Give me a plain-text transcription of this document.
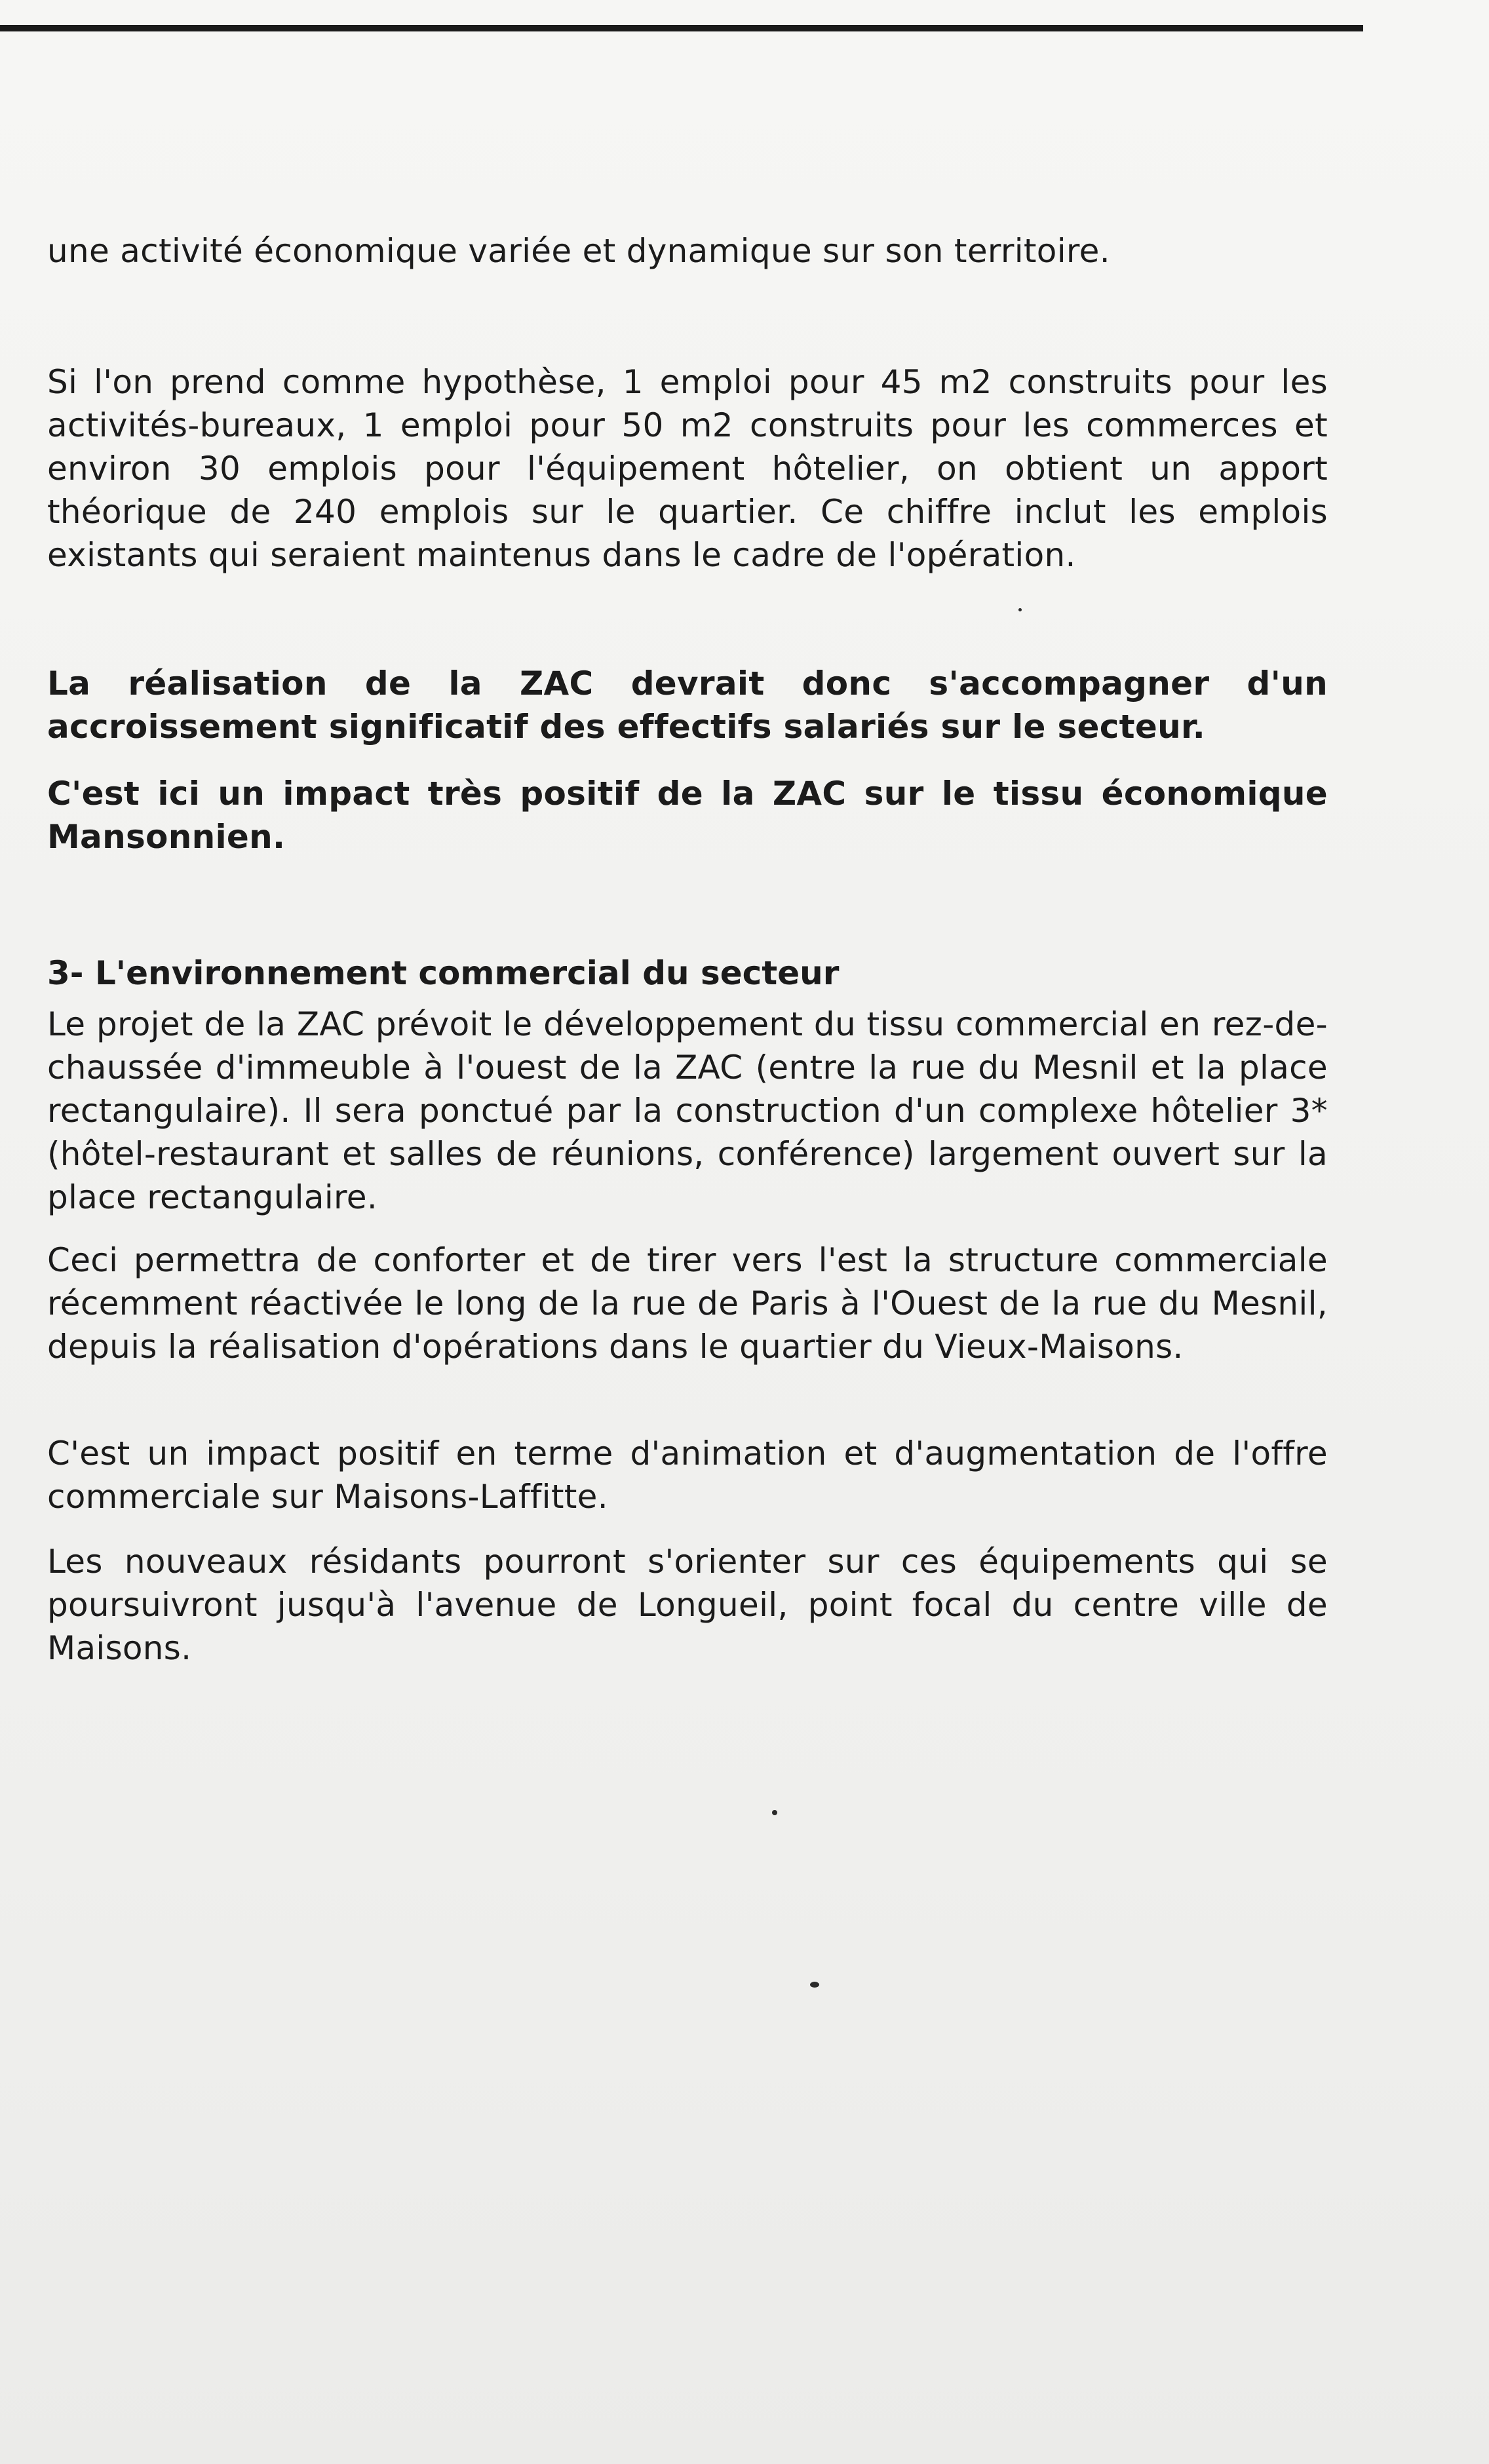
une activité économique variée et dynamique sur son territoire.
Si l'on prend comme hypothèse, 1 emploi pour 45 m2 construits pour les activités-bureaux, 1 emploi pour 50 m2 construits pour les commerces et environ 30 emplois pour l'équipement hôtelier, on obtient un apport théorique de 240 emplois sur le quartier. Ce chiffre inclut les emplois existants qui seraient maintenus dans le cadre de l'opération.
La réalisation de la ZAC devrait donc s'accompagner d'un accroissement significatif des effectifs salariés sur le secteur.
C'est ici un impact très positif de la ZAC sur le tissu économique Mansonnien.
3- L'environnement commercial du secteur
Le projet de la ZAC prévoit le développement du tissu commercial en rez-de-chaussée d'immeuble à l'ouest de la ZAC (entre la rue du Mesnil et la place rectangulaire). Il sera ponctué par la construction d'un complexe hôtelier 3* (hôtel-restaurant et salles de réunions, conférence) largement ouvert sur la place rectangulaire.
Ceci permettra de conforter et de tirer vers l'est la structure commerciale récemment réactivée le long de la rue de Paris à l'Ouest de la rue du Mesnil, depuis la réalisation d'opérations dans le quartier du Vieux-Maisons.
C'est un impact positif en terme d'animation et d'augmentation de l'offre commerciale sur Maisons-Laffitte.
Les nouveaux résidants pourront s'orienter sur ces équipements qui se poursuivront jusqu'à l'avenue de Longueil, point focal du centre ville de Maisons.
